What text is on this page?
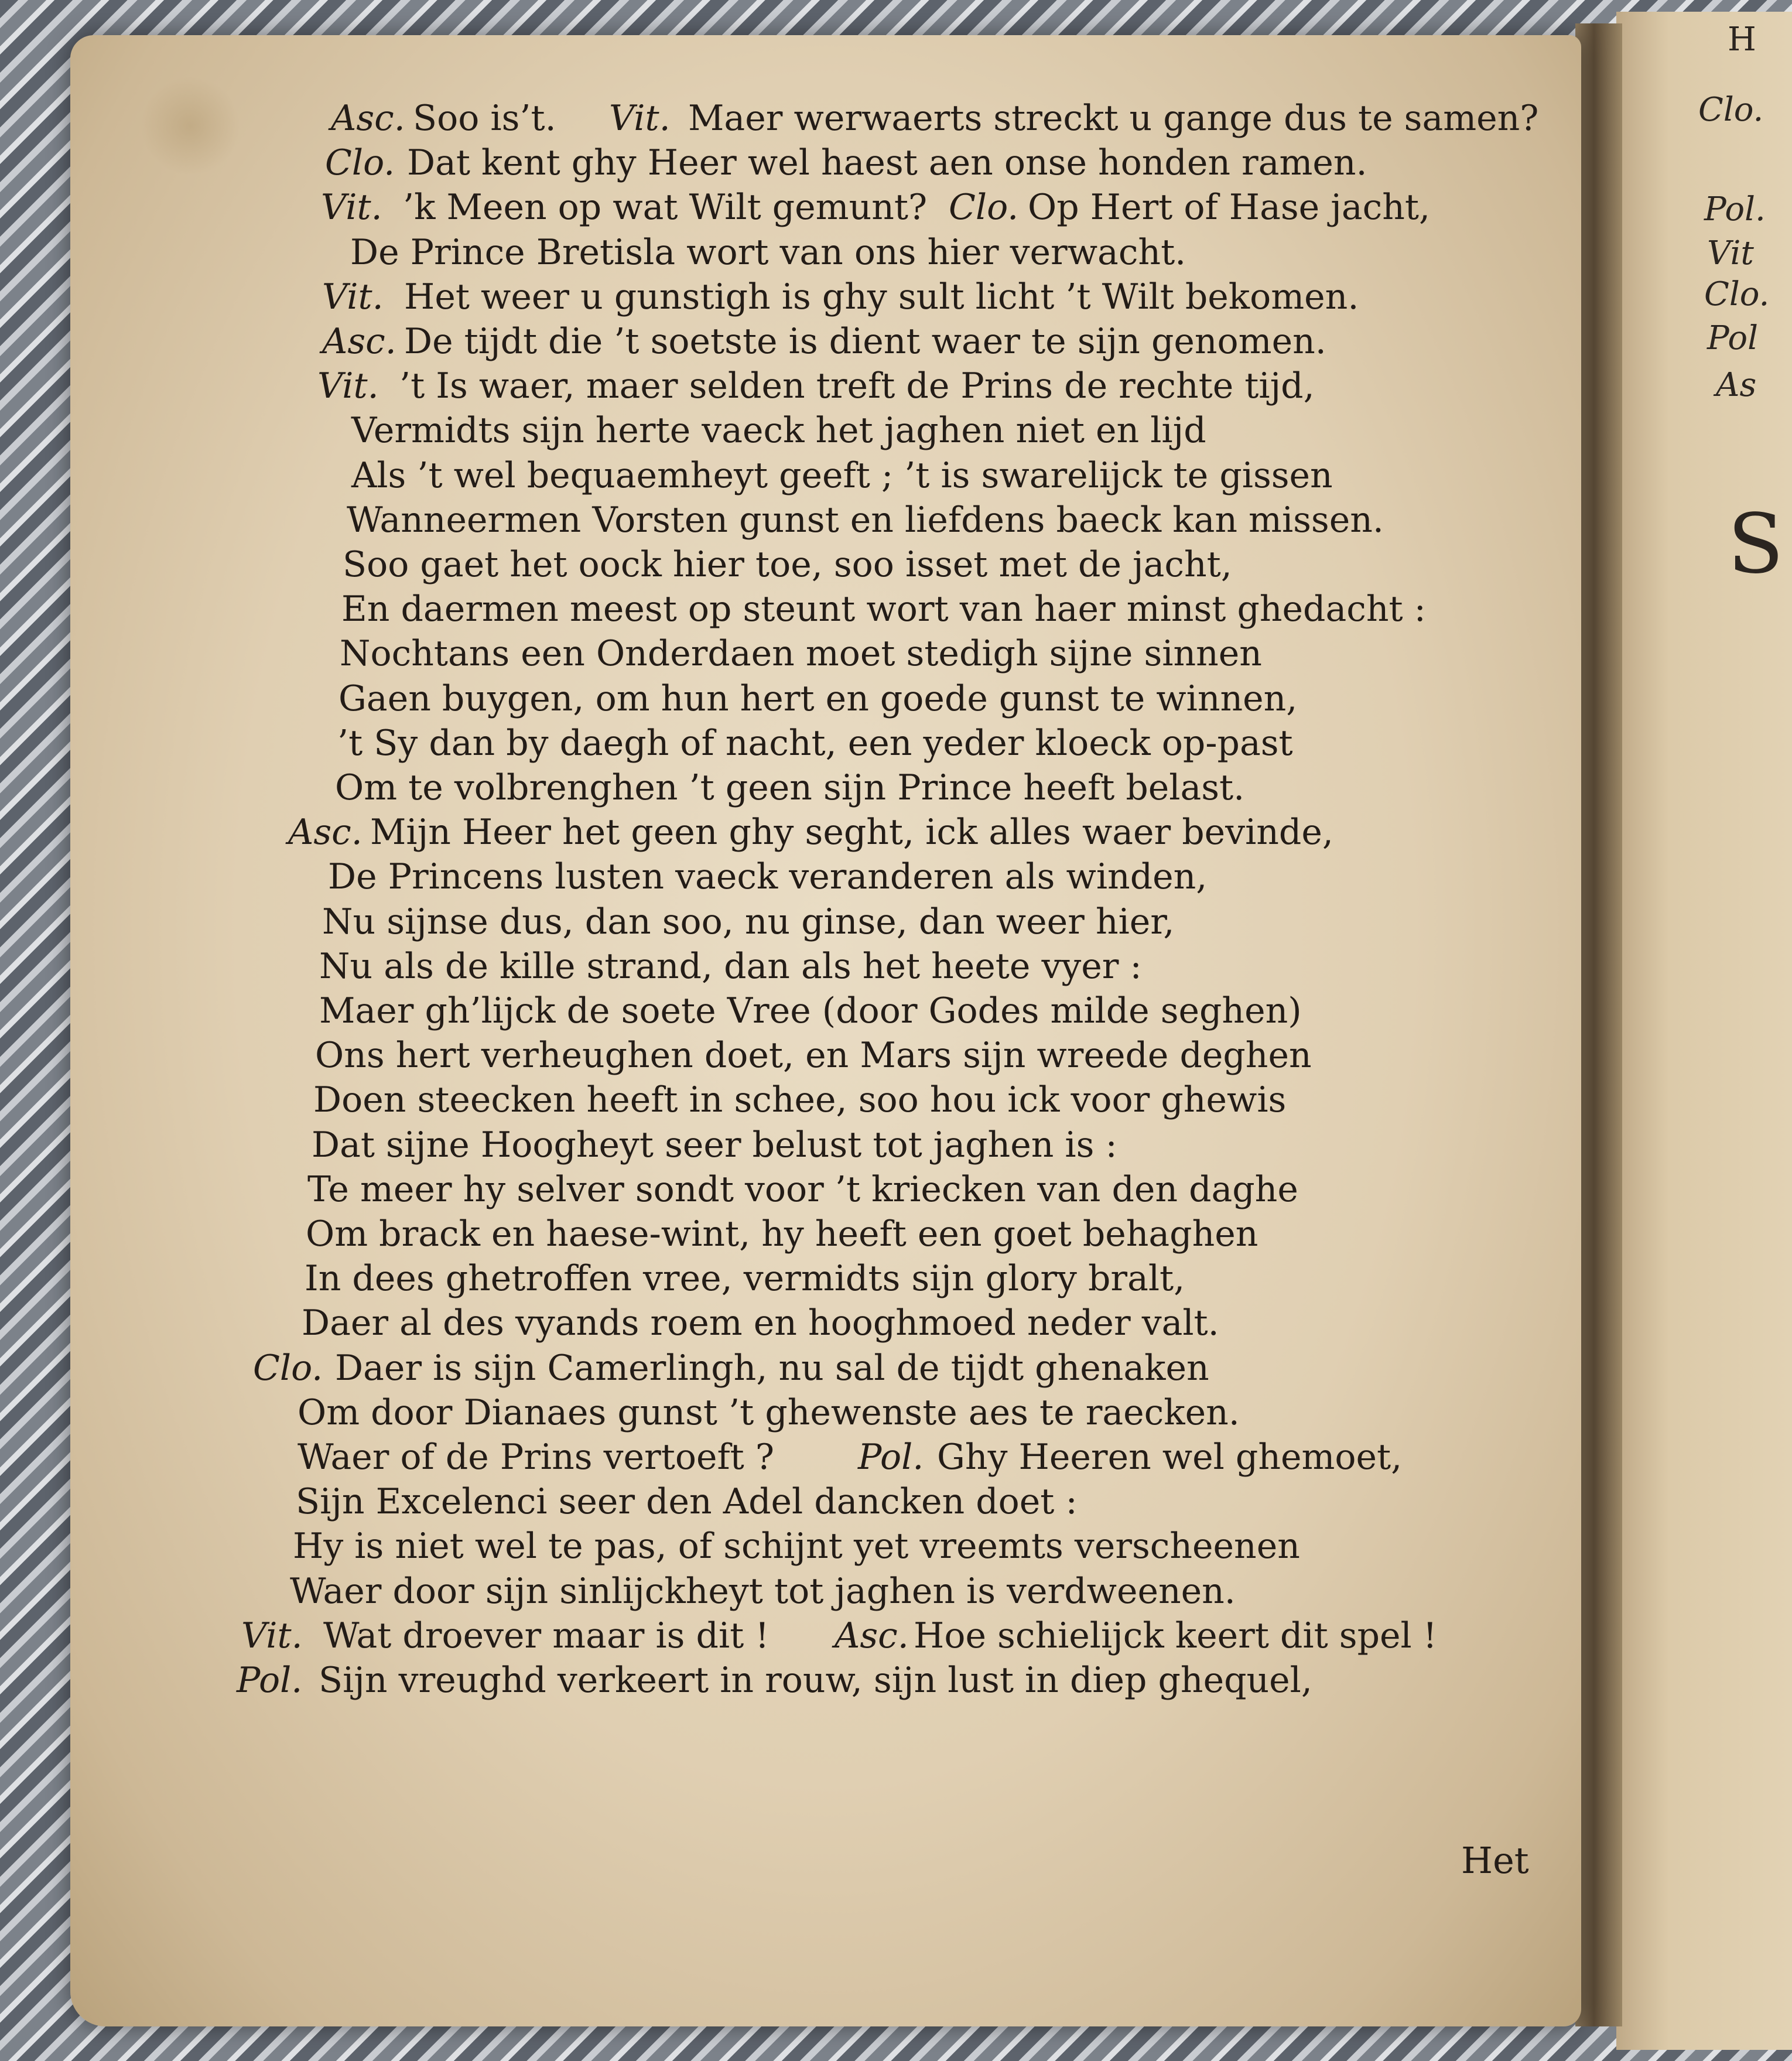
H
Clo.
Pol.
Vit
Clo.
Pol
As
S
Asc. Soo is’t. Vit. Maer werwaerts streckt u gange dus te samen?
Clo. Dat kent ghy Heer wel haest aen onse honden ramen.
Vit. ’k Meen op wat Wilt gemunt? Clo. Op Hert of Hase jacht,
De Prince Bretisla wort van ons hier verwacht.
Vit. Het weer u gunstigh is ghy sult licht ’t Wilt bekomen.
Asc. De tijdt die ’t soetste is dient waer te sijn genomen.
Vit. ’t Is waer, maer selden treft de Prins de rechte tijd,
Vermidts sijn herte vaeck het jaghen niet en lijd
Als ’t wel bequaemheyt geeft ; ’t is swarelijck te gissen
Wanneermen Vorsten gunst en liefdens baeck kan missen.
Soo gaet het oock hier toe, soo isset met de jacht,
En daermen meest op steunt wort van haer minst ghedacht :
Nochtans een Onderdaen moet stedigh sijne sinnen
Gaen buygen, om hun hert en goede gunst te winnen,
’t Sy dan by daegh of nacht, een yeder kloeck op-past
Om te volbrenghen ’t geen sijn Prince heeft belast.
Asc. Mijn Heer het geen ghy seght, ick alles waer bevinde,
De Princens lusten vaeck veranderen als winden,
Nu sijnse dus, dan soo, nu ginse, dan weer hier,
Nu als de kille strand, dan als het heete vyer :
Maer gh’lijck de soete Vree (door Godes milde seghen)
Ons hert verheughen doet, en Mars sijn wreede deghen
Doen steecken heeft in schee, soo hou ick voor ghewis
Dat sijne Hoogheyt seer belust tot jaghen is :
Te meer hy selver sondt voor ’t kriecken van den daghe
Om brack en haese-wint, hy heeft een goet behaghen
In dees ghetroffen vree, vermidts sijn glory bralt,
Daer al des vyands roem en hooghmoed neder valt.
Clo. Daer is sijn Camerlingh, nu sal de tijdt ghenaken
Om door Dianaes gunst ’t ghewenste aes te raecken.
Waer of de Prins vertoeft ? Pol. Ghy Heeren wel ghemoet,
Sijn Excelenci seer den Adel dancken doet :
Hy is niet wel te pas, of schijnt yet vreemts verscheenen
Waer door sijn sinlijckheyt tot jaghen is verdweenen.
Vit. Wat droever maar is dit ! Asc. Hoe schielijck keert dit spel !
Pol. Sijn vreughd verkeert in rouw, sijn lust in diep ghequel,
Het
